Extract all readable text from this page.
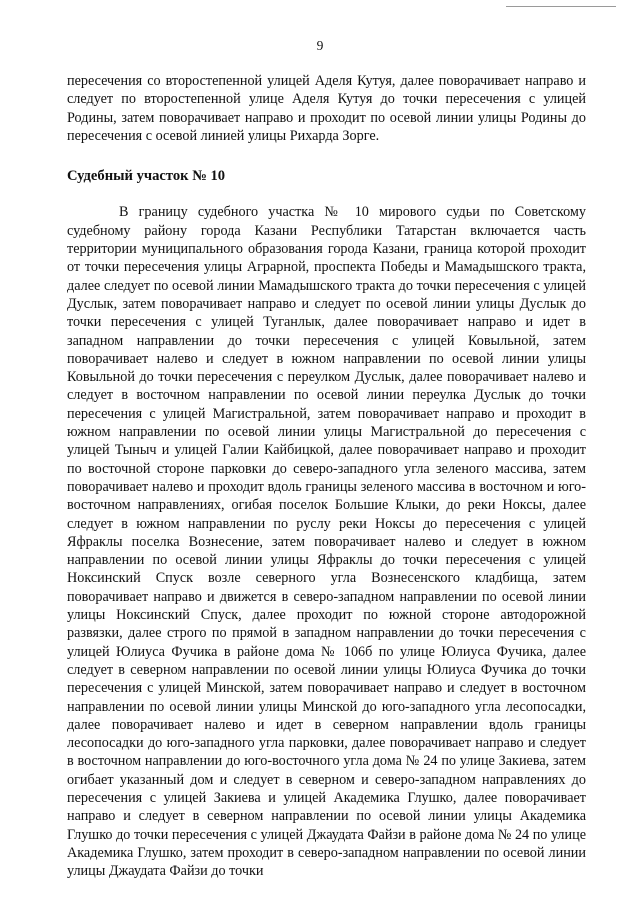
9

пересечения со второстепенной улицей Аделя Кутуя, далее поворачивает направо и следует по второстепенной улице Аделя Кутуя до точки пересечения с улицей Родины, затем поворачивает направо и проходит по осевой линии улицы Родины до пересечения с осевой линией улицы Рихарда Зорге.

Судебный участок № 10

В границу судебного участка № 10 мирового судьи по Советскому судебному району города Казани Республики Татарстан включается часть территории муниципального образования города Казани, граница которой проходит от точки пересечения улицы Аграрной, проспекта Победы и Мамадышского тракта, далее следует по осевой линии Мамадышского тракта до точки пересечения с улицей Дуслык, затем поворачивает направо и следует по осевой линии улицы Дуслык до точки пересечения с улицей Туганлык, далее поворачивает направо и идет в западном направлении до точки пересечения с улицей Ковыльной, затем поворачивает налево и следует в южном направлении по осевой линии улицы Ковыльной до точки пересечения с переулком Дуслык, далее поворачивает налево и следует в восточном направлении по осевой линии переулка Дуслык до точки пересечения с улицей Магистральной, затем поворачивает направо и проходит в южном направлении по осевой линии улицы Магистральной до пересечения с улицей Тыныч и улицей Галии Кайбицкой, далее поворачивает направо и проходит по восточной стороне парковки до северо-западного угла зеленого массива, затем поворачивает налево и проходит вдоль границы зеленого массива в восточном и юго-восточном направлениях, огибая поселок Большие Клыки, до реки Ноксы, далее следует в южном направлении по руслу реки Ноксы до пересечения с улицей Яфраклы поселка Вознесение, затем поворачивает налево и следует в южном направлении по осевой линии улицы Яфраклы до точки пересечения с улицей Ноксинский Спуск возле северного угла Вознесенского кладбища, затем поворачивает направо и движется в северо-западном направлении по осевой линии улицы Ноксинский Спуск, далее проходит по южной стороне автодорожной развязки, далее строго по прямой в западном направлении до точки пересечения с улицей Юлиуса Фучика в районе дома № 106б по улице Юлиуса Фучика, далее следует в северном направлении по осевой линии улицы Юлиуса Фучика до точки пересечения с улицей Минской, затем поворачивает направо и следует в восточном направлении по осевой линии улицы Минской до юго-западного угла лесопосадки, далее поворачивает налево и идет в северном направлении вдоль границы лесопосадки до юго-западного угла парковки, далее поворачивает направо и следует в восточном направлении до юго-восточного угла дома № 24 по улице Закиева, затем огибает указанный дом и следует в северном и северо-западном направлениях до пересечения с улицей Закиева и улицей Академика Глушко, далее поворачивает направо и следует в северном направлении по осевой линии улицы Академика Глушко до точки пересечения с улицей Джаудата Файзи в районе дома № 24 по улице Академика Глушко, затем проходит в северо-западном направлении по осевой линии улицы Джаудата Файзи до точки
